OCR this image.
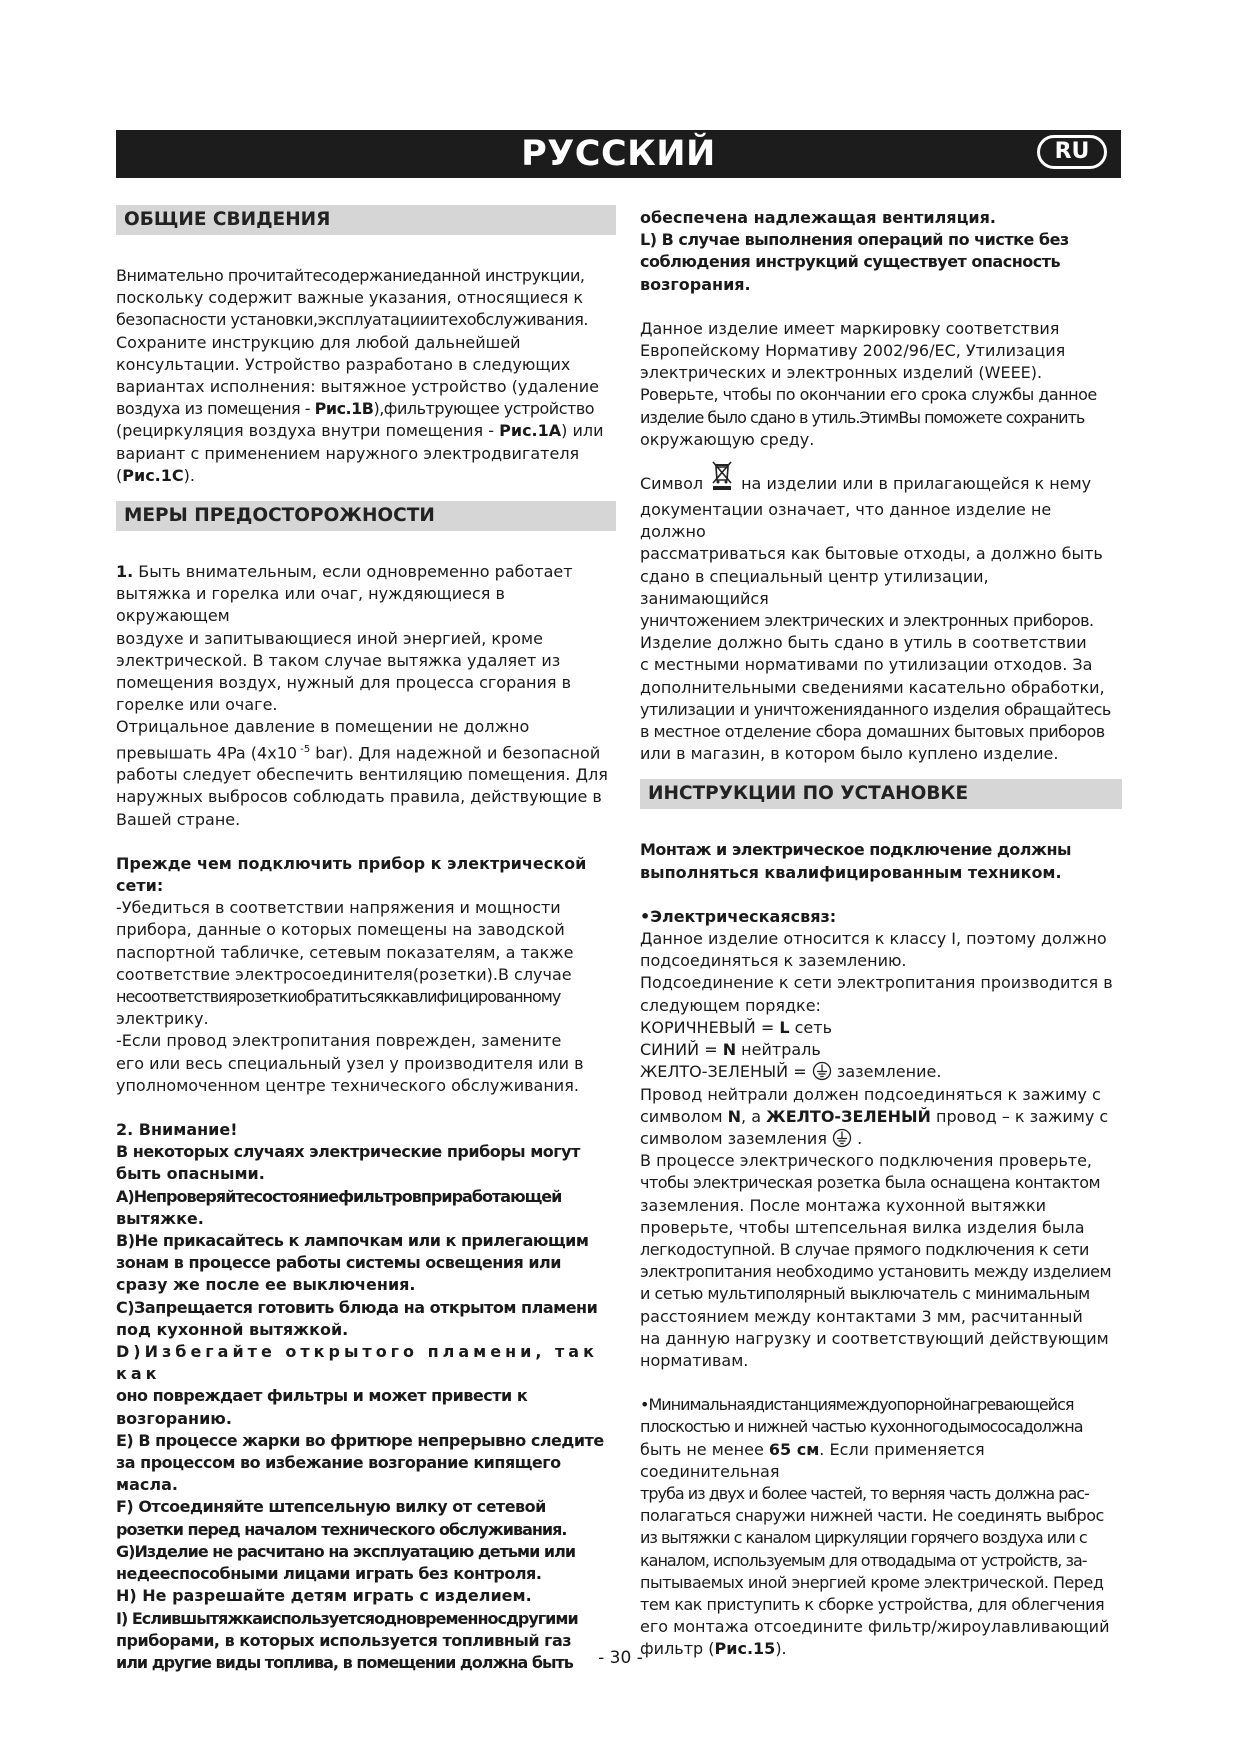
РУССКИЙ	RU
ОБЩИЕ СВИДЕНИЯ

Внимательно прочитайтесодержаниеданной инструкции,

поскольку содержит важные указания, относящиеся к

безопасности установки,эксплуатацииитехобслуживания.

Сохраните инструкцию для любой дальнейшей

консультации. Устройство разработано в следующих

вариантах исполнения: вытяжное устройство (удаление

воздуха из помещения - Рис.1B),фильтрующее устройство

(рециркуляция воздуха внутри помещения - Рис.1A) или

вариант с применением наружного электродвигателя

(Рис.1C).

МЕРЫ ПРЕДОСТОРОЖНОСТИ

1. Быть внимательным, если одновременно работает

вытяжка и горелка или очаг, нуждяющиеся в окружающем

воздухе и запитывающиеся иной энергией, кроме

электрической. В таком случае вытяжка удаляет из

помещения воздух, нужный для процесса сгорания в

горелке или очаге.

Отрицальное давление в помещении не должно

превышать 4Pa (4x10 $^{-5}$ bar). Для надежной и безопасной

работы следует обеспечить вентиляцию помещения. Для

наружных выбросов соблюдать правила, действующие в

Вашей стране.

Прежде чем подключить прибор к электрической

сети:

-Убедиться в соответствии напряжения и мощности

прибора, данные о которых помещены на заводской

паспортной табличке, сетевым показателям, а также

соответствие электросоединителя(розетки).В случае

несоответствиярозеткиобратитьсяккавлифицированному

электрику.

-Если провод электропитания поврежден, замените

его или весь специальный узел у производителя или в

уполномоченном центре технического обслуживания.

2. Внимание!

В некоторых случаях электрические приборы могут

быть опасными.

A)Непроверяйтесостояниефильтровприработающей

вытяжке.

B)Не прикасайтесь к лампочкам или к прилегающим

зонам в процессе работы системы освещения или

сразу же после ее выключения.

C)Запрещается готовить блюда на открытом пламени

под кухонной вытяжкой.

D)Избегайте открытого пламени, так как

оно повреждает фильтры и может привести к

возгоранию.

E) В процессе жарки во фритюре непрерывно следите

за процессом во избежание возгорание кипящего

масла.

F) Отсоединяйте штепсельную вилку от сетевой

розетки перед началом технического обслуживания.

G)Изделие не расчитано на эксплуатацию детьми или

недееспособными лицами играть без контроля.

H) Не разрешайте детям играть с изделием.

I) Еслившытяжкаиспользуетсяодновременносдругими

приборами, в которых используется топливный газ

или другие виды топлива, в помещении должна быть

обеспечена надлежащая вентиляция.

L) В случае выполнения операций по чистке без

соблюдения инструкций существует опасность

возгорания.

Данное изделие имеет маркировку соответствия

Европейскому Нормативу 2002/96/EC, Утилизация

электрических и электронных изделий (WEEE).

Роверьте, чтобы по окончании его срока службы данное

изделие было сдано в утиль.ЭтимВы поможете сохранить

окружающую среду.

Символ на изделии или в прилагающейся к нему

документации означает, что данное изделие не должно

рассматриваться как бытовые отходы, а должно быть

сдано в специальный центр утилизации, занимающийся

уничтожением электрических и электронных приборов.

Изделие должно быть сдано в утиль в соответствии

с местными нормативами по утилизации отходов. За

дополнительными сведениями касательно обработки,

утилизации и уничтоженияданного изделия обращайтесь

в местное отделение сбора домашних бытовых приборов

или в магазин, в котором было куплено изделие.

ИНСТРУКЦИИ ПО УСТАНОВКЕ

Монтаж и электрическое подключение должны

выполняться квалифицированным техником.

•Электрическаясвяз:

Данное изделие относится к классу I, поэтому должно

подсоединяться к заземлению.

Подсоединение к сети электропитания производится в

следующем порядке:

КОРИЧНЕВЫЙ = L сеть

СИНИЙ = N нейтраль

ЖЕЛТО-ЗЕЛЕНЫЙ =  заземление.

Провод нейтрали должен подсоединяться к зажиму с

символом N, а ЖЕЛТО-ЗЕЛЕНЫЙ провод – к зажиму с

символом заземления  .

В процессе электрического подключения проверьте,

чтобы электрическая розетка была оснащена контактом

заземления. После монтажа кухонной вытяжки

проверьте, чтобы штепсельная вилка изделия была

легкодоступной. В случае прямого подключения к сети

электропитания необходимо установить между изделием

и сетью мультиполярный выключатель с минимальным

расстоянием между контактами 3 мм, расчитанный

на данную нагрузку и соответствующий действующим

нормативам.

•Минимальнаядистанциямеждуопорнойнагревающейся

плоскостью и нижней частью кухонногодымососадолжна

быть не менее 65 см. Если применяется соединительная

труба из двух и более частей, то верняя часть должна рас-

полагаться снаружи нижней части. Не соединять выброс

из вытяжки с каналом циркуляции горячего воздуха или с

каналом, используемым для отводадыма от устройств, за-

пытываемых иной энергией кроме электрической. Перед

тем как приступить к сборке устройства, для облегчения

его монтажа отсоедините фильтр/жироулавливающий

фильтр (Рис.15).

- 30 -
